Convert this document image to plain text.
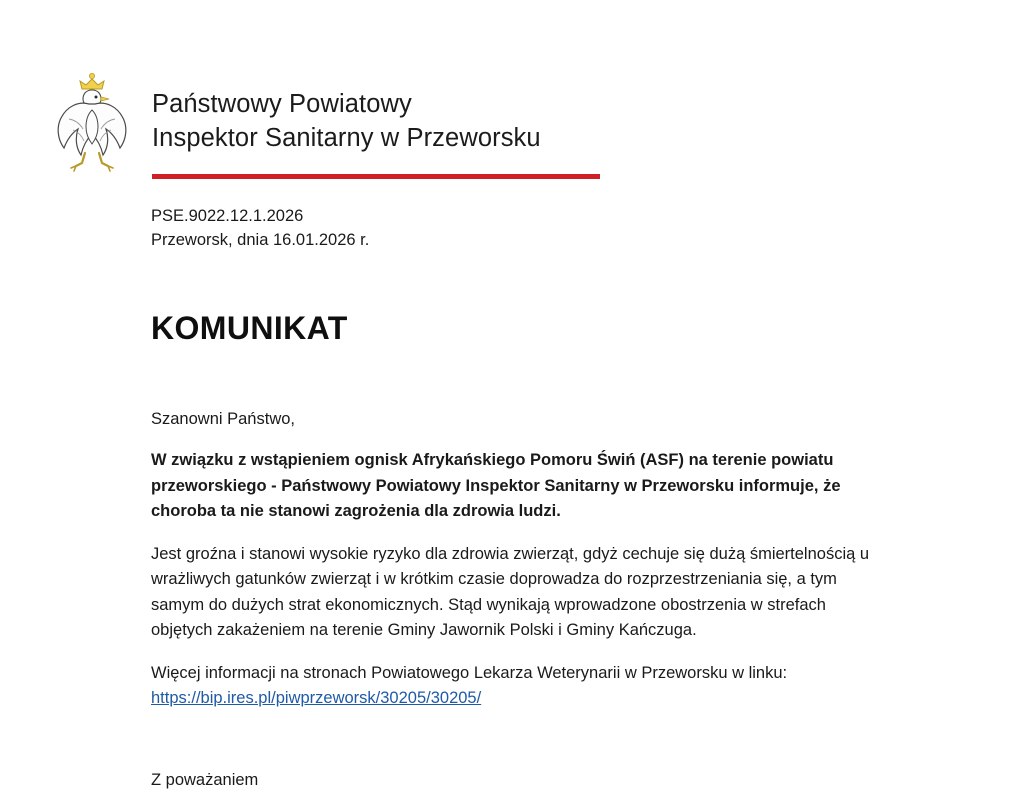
Państwowy Powiatowy
Inspektor Sanitarny w Przeworsku
PSE.9022.12.1.2026
Przeworsk, dnia 16.01.2026 r.
KOMUNIKAT
Szanowni Państwo,
W związku z wstąpieniem ognisk Afrykańskiego Pomoru Świń (ASF) na terenie powiatu przeworskiego - Państwowy Powiatowy Inspektor Sanitarny w Przeworsku informuje, że choroba ta nie stanowi zagrożenia dla zdrowia ludzi.
Jest groźna i stanowi wysokie ryzyko dla zdrowia zwierząt, gdyż cechuje się dużą śmiertelnością u wrażliwych gatunków zwierząt i w krótkim czasie doprowadza do rozprzestrzeniania się, a tym samym do dużych strat ekonomicznych. Stąd wynikają wprowadzone obostrzenia w strefach objętych zakażeniem na terenie Gminy Jawornik Polski i Gminy Kańczuga.
Więcej informacji na stronach Powiatowego Lekarza Weterynarii w Przeworsku w linku:
https://bip.ires.pl/piwprzeworsk/30205/30205/
Z poważaniem
